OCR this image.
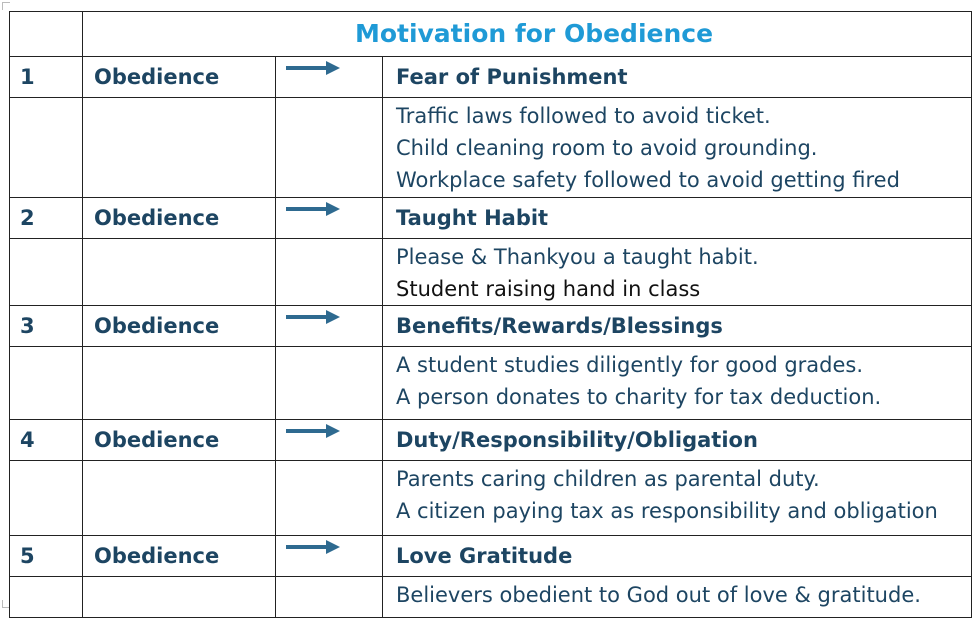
	Motivation for Obedience		

1	Obedience		Fear of Punishment

			Traffic laws followed to avoid ticket.
Child cleaning room to avoid grounding.
Workplace safety followed to avoid getting fired

2	Obedience		Taught Habit

			Please & Thankyou a taught habit.
Student raising hand in class

3	Obedience		Benefits/Rewards/Blessings

			A student studies diligently for good grades.
A person donates to charity for tax deduction.

4	Obedience		Duty/Responsibility/Obligation

			Parents caring children as parental duty.
A citizen paying tax as responsibility and obligation

5	Obedience		Love Gratitude

			Believers obedient to God out of love & gratitude.
